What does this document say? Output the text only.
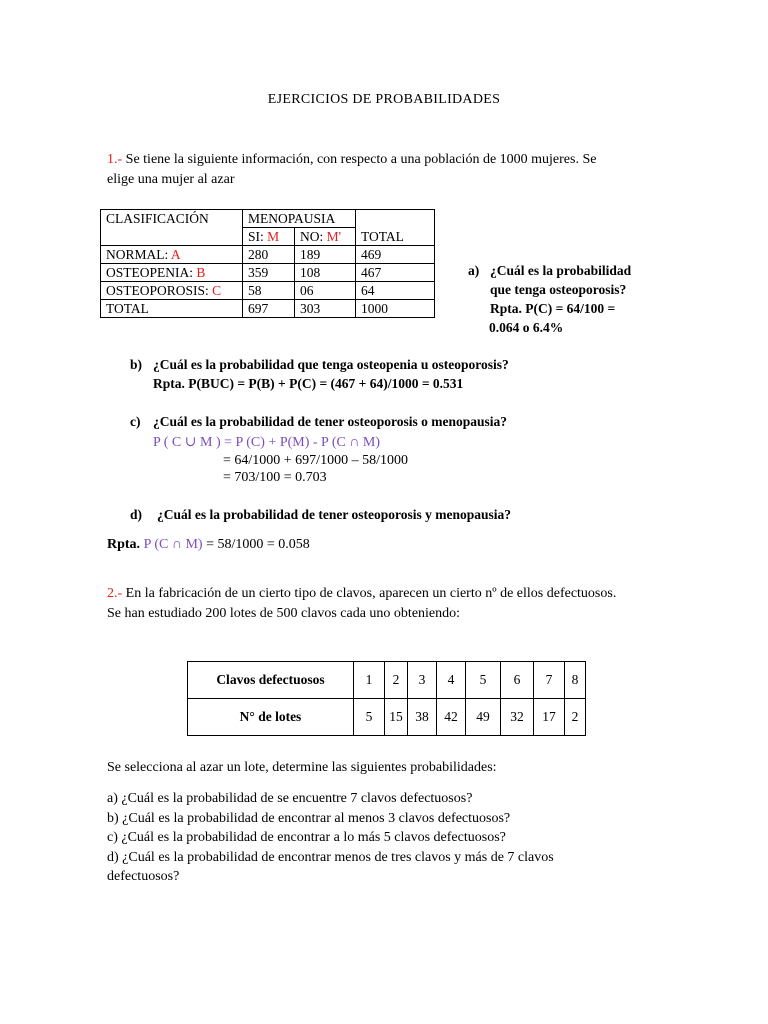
EJERCICIOS DE PROBABILIDADES
1.- Se tiene la siguiente información, con respecto a una población de 1000 mujeres. Se
elige una mujer al azar
CLASIFICACIÓN	MENOPAUSIA		TOTAL
	SI: M	NO: M'	
NORMAL: A	280	189	469
OSTEOPENIA: B	359	108	467
OSTEOPOROSIS: C	58	06	64
TOTAL	697	303	1000
a) ¿Cuál es la probabilidad
que tenga osteoporosis?
Rpta. P(C) = 64/100 =
0.064 o 6.4%
b) ¿Cuál es la probabilidad que tenga osteopenia u osteoporosis?
Rpta. P(BUC) = P(B) + P(C) = (467 + 64)/1000 = 0.531
c) ¿Cuál es la probabilidad de tener osteoporosis o menopausia?
P ( C ∪ M ) = P (C) + P(M) - P (C ∩ M)
= 64/1000 + 697/1000 – 58/1000
= 703/100 = 0.703
d) ¿Cuál es la probabilidad de tener osteoporosis y menopausia?
Rpta. P (C ∩ M) = 58/1000 = 0.058
2.- En la fabricación de un cierto tipo de clavos, aparecen un cierto nº de ellos defectuosos.
Se han estudiado 200 lotes de 500 clavos cada uno obteniendo:
Clavos defectuosos	1	2	3	4	5	6	7	8
N° de lotes	5	15	38	42	49	32	17	2
Se selecciona al azar un lote, determine las siguientes probabilidades:
a) ¿Cuál es la probabilidad de se encuentre 7 clavos defectuosos?
b) ¿Cuál es la probabilidad de encontrar al menos 3 clavos defectuosos?
c) ¿Cuál es la probabilidad de encontrar a lo más 5 clavos defectuosos?
d) ¿Cuál es la probabilidad de encontrar menos de tres clavos y más de 7 clavos
defectuosos?
